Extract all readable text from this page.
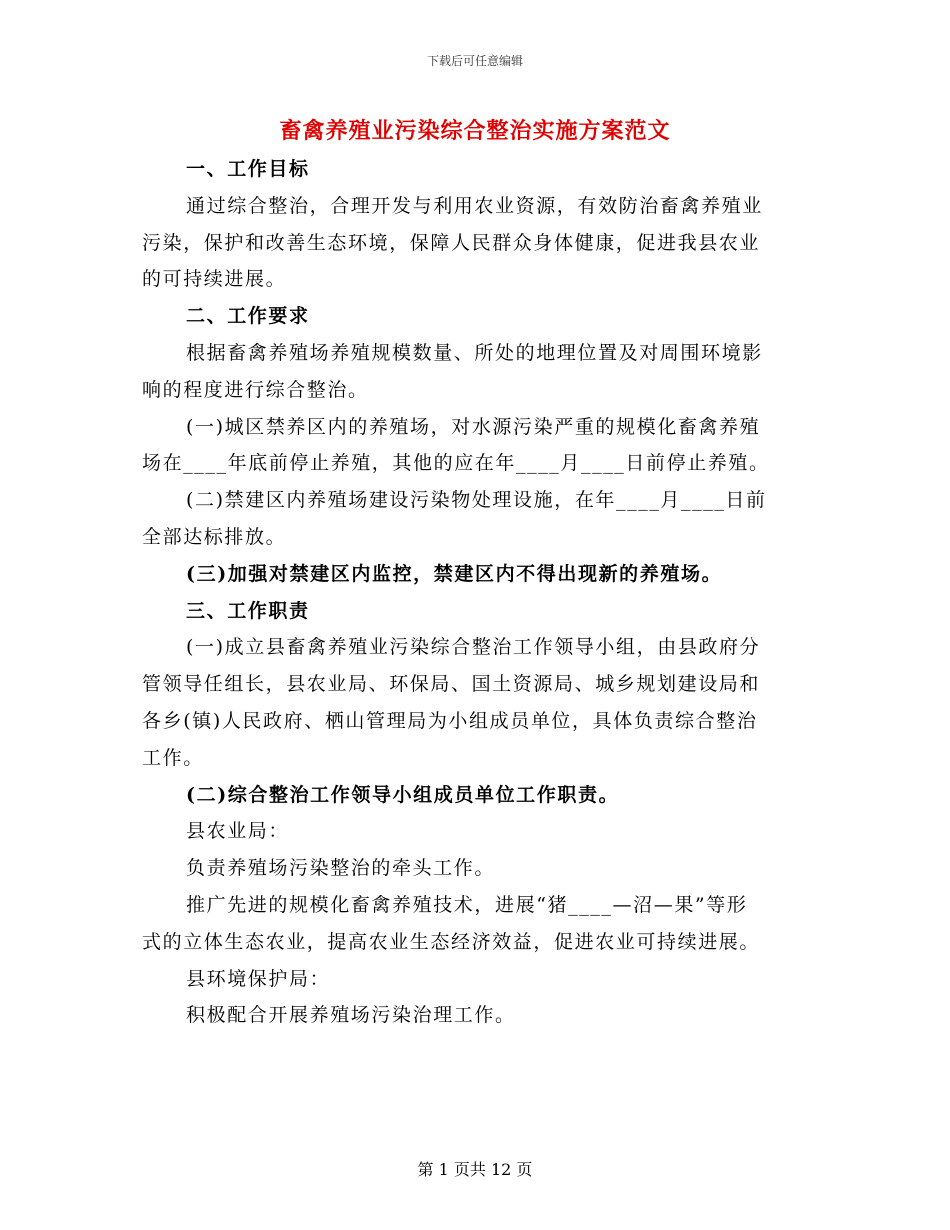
下载后可任意编辑
畜禽养殖业污染综合整治实施方案范文
一、工作目标
通过综合整治，合理开发与利用农业资源，有效防治畜禽养殖业
污染，保护和改善生态环境，保障人民群众身体健康，促进我县农业
的可持续进展。
二、工作要求
根据畜禽养殖场养殖规模数量、所处的地理位置及对周围环境影
响的程度进行综合整治。
(一)城区禁养区内的养殖场，对水源污染严重的规模化畜禽养殖
场在____年底前停止养殖，其他的应在年____月____日前停止养殖。
(二)禁建区内养殖场建设污染物处理设施，在年____月____日前
全部达标排放。
(三)加强对禁建区内监控，禁建区内不得出现新的养殖场。
三、工作职责
(一)成立县畜禽养殖业污染综合整治工作领导小组，由县政府分
管领导任组长，县农业局、环保局、国土资源局、城乡规划建设局和
各乡(镇)人民政府、栖山管理局为小组成员单位，具体负责综合整治
工作。
(二)综合整治工作领导小组成员单位工作职责。
县农业局：
负责养殖场污染整治的牵头工作。
推广先进的规模化畜禽养殖技术，进展“猪____—沼—果”等形
式的立体生态农业，提高农业生态经济效益，促进农业可持续进展。
县环境保护局：
积极配合开展养殖场污染治理工作。
第 1 页共 12 页
